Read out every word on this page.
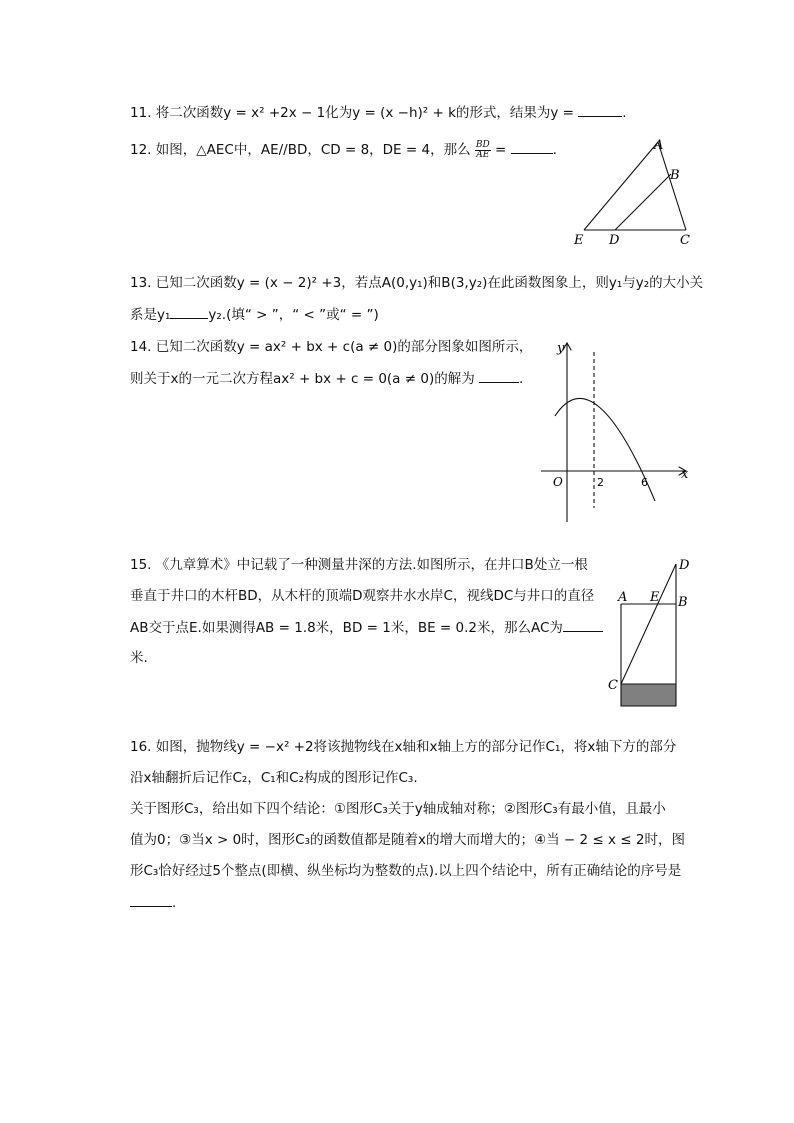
11. 将二次函数y = x² +2x − 1化为y = (x −h)² + k的形式，结果为y =	.
12. 如图，△AEC中，AE//BD，CD = 8，DE = 4，那么 $\frac{BD}{AE}$ =	.	A
B
C
D
E
13. 已知二次函数y = (x − 2)² +3，若点A(0,y₁)和B(3,y₂)在此函数图象上，则y₁与y₂的大小关
系是y₁	y₂.(填“ > ”，“ < ”或“ = ”)
14. 已知二次函数y = ax² + bx + c(a ≠ 0)的部分图象如图所示，
则关于x的一元二次方程ax² + bx + c = 0(a ≠ 0)的解为	.
y
x
O	2	6
15. 《九章算术》中记载了一种测量井深的方法.如图所示，在井口B处立一根
垂直于井口的木杆BD，从木杆的顶端D观察井水水岸C，视线DC与井口的直径
AB交于点E.如果测得AB = 1.8米，BD = 1米，BE = 0.2米，那么AC为
米.
A	B
C
D
E
16. 如图，抛物线y = −x² +2将该抛物线在x轴和x轴上方的部分记作C₁，将x轴下方的部分
沿x轴翻折后记作C₂，C₁和C₂构成的图形记作C₃.
关于图形C₃，给出如下四个结论：①图形C₃关于y轴成轴对称；②图形C₃有最小值，且最小
值为0；③当x > 0时，图形C₃的函数值都是随着x的增大而增大的；④当 − 2 ≤ x ≤ 2时，图
形C₃恰好经过5个整点(即横、纵坐标均为整数的点).以上四个结论中，所有正确结论的序号是
.
